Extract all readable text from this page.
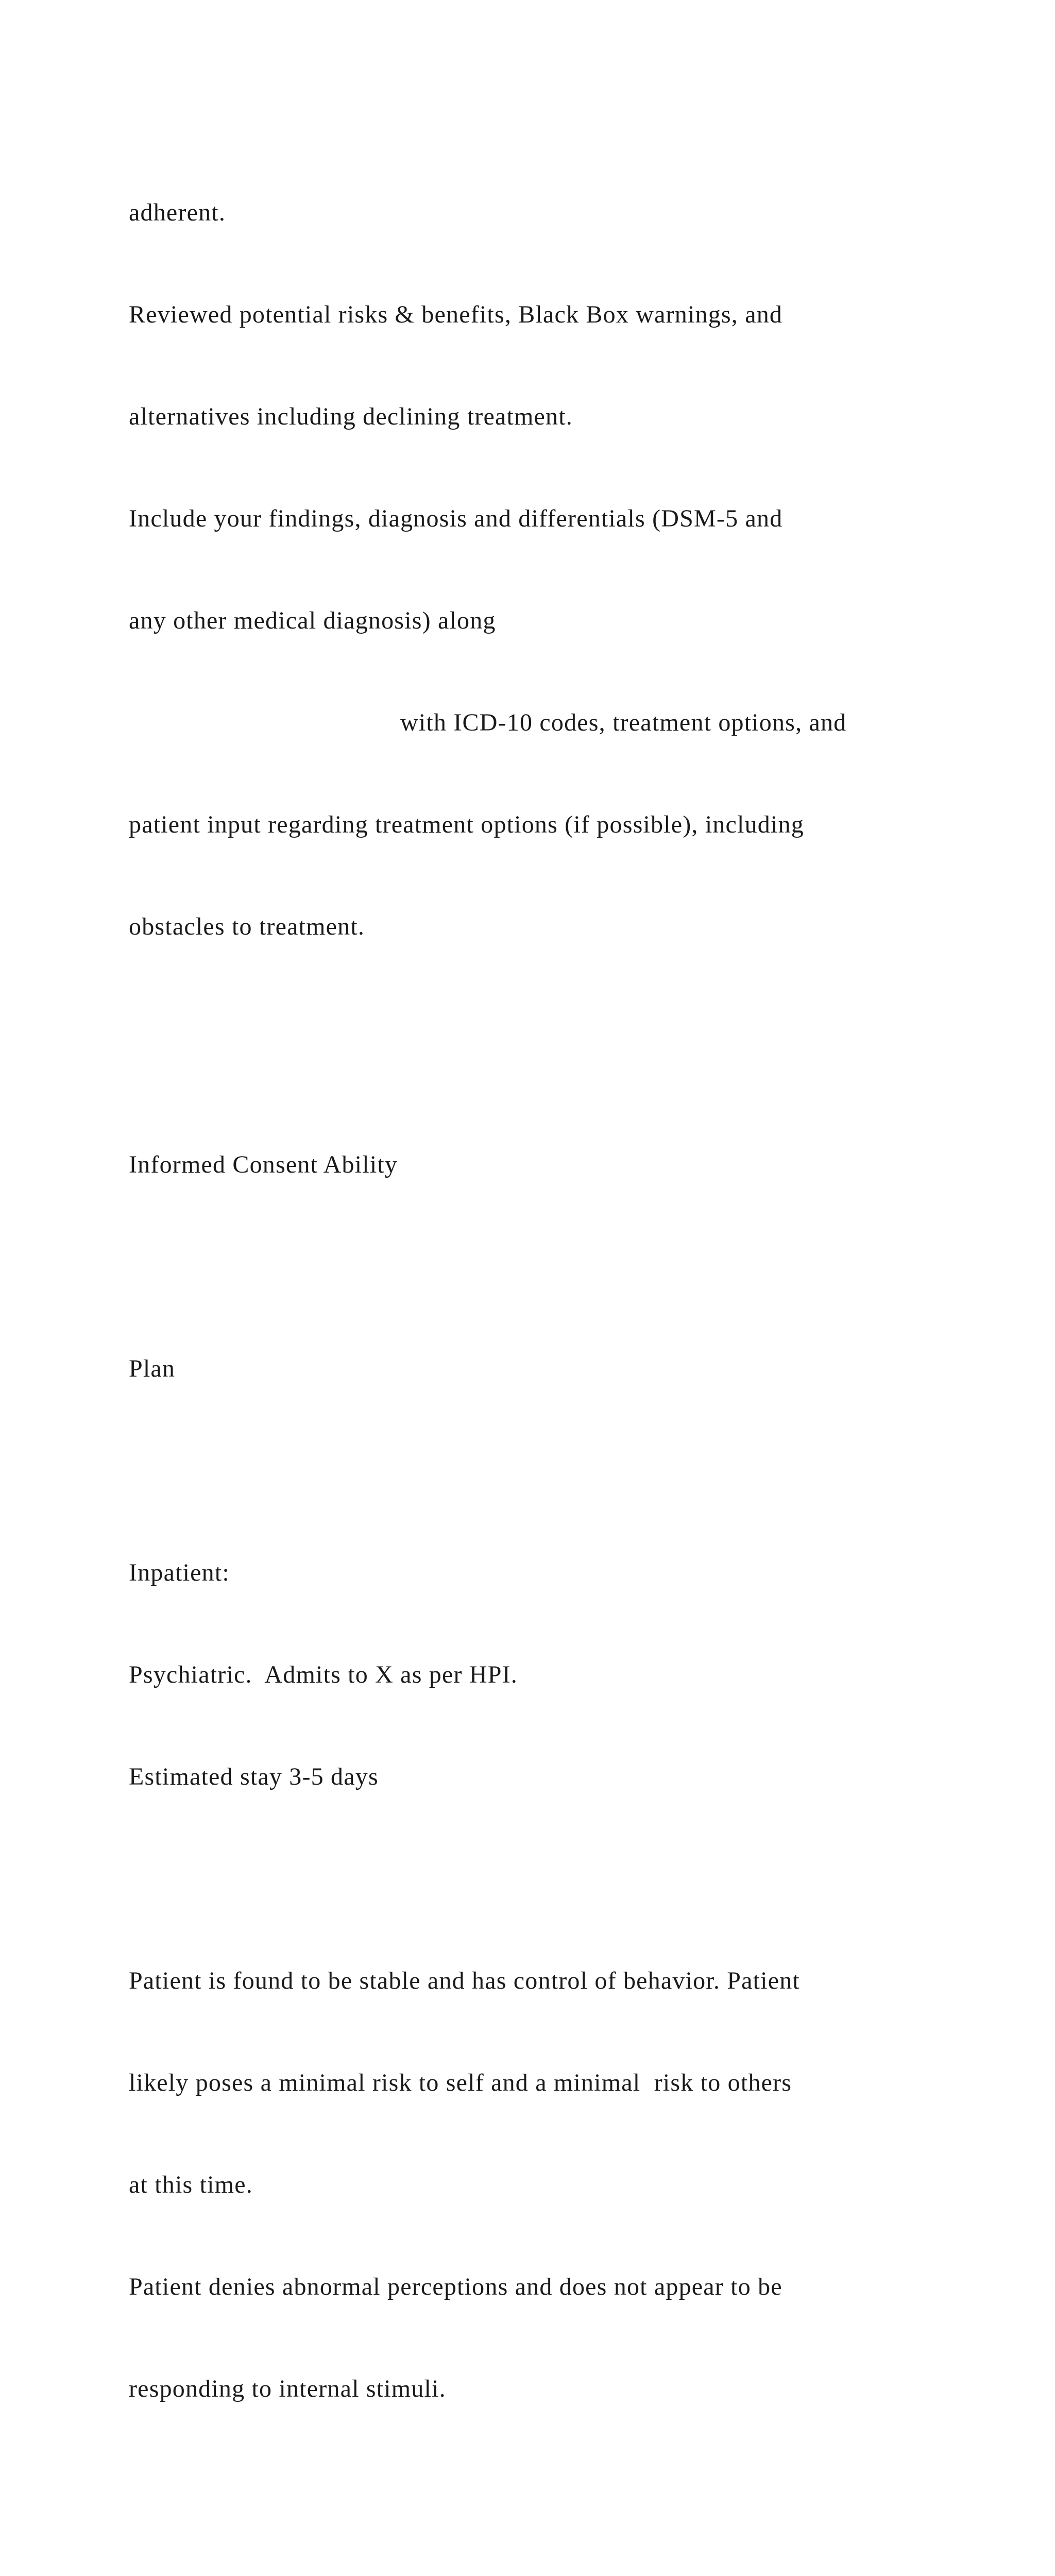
adherent.

Reviewed potential risks & benefits, Black Box warnings, and

alternatives including declining treatment.

Include your findings, diagnosis and differentials (DSM-5 and

any other medical diagnosis) along

with ICD-10 codes, treatment options, and

patient input regarding treatment options (if possible), including

obstacles to treatment.

Informed Consent Ability

Plan

Inpatient:

Psychiatric.  Admits to X as per HPI.

Estimated stay 3-5 days

Patient is found to be stable and has control of behavior. Patient

likely poses a minimal risk to self and a minimal  risk to others

at this time.

Patient denies abnormal perceptions and does not appear to be

responding to internal stimuli.
